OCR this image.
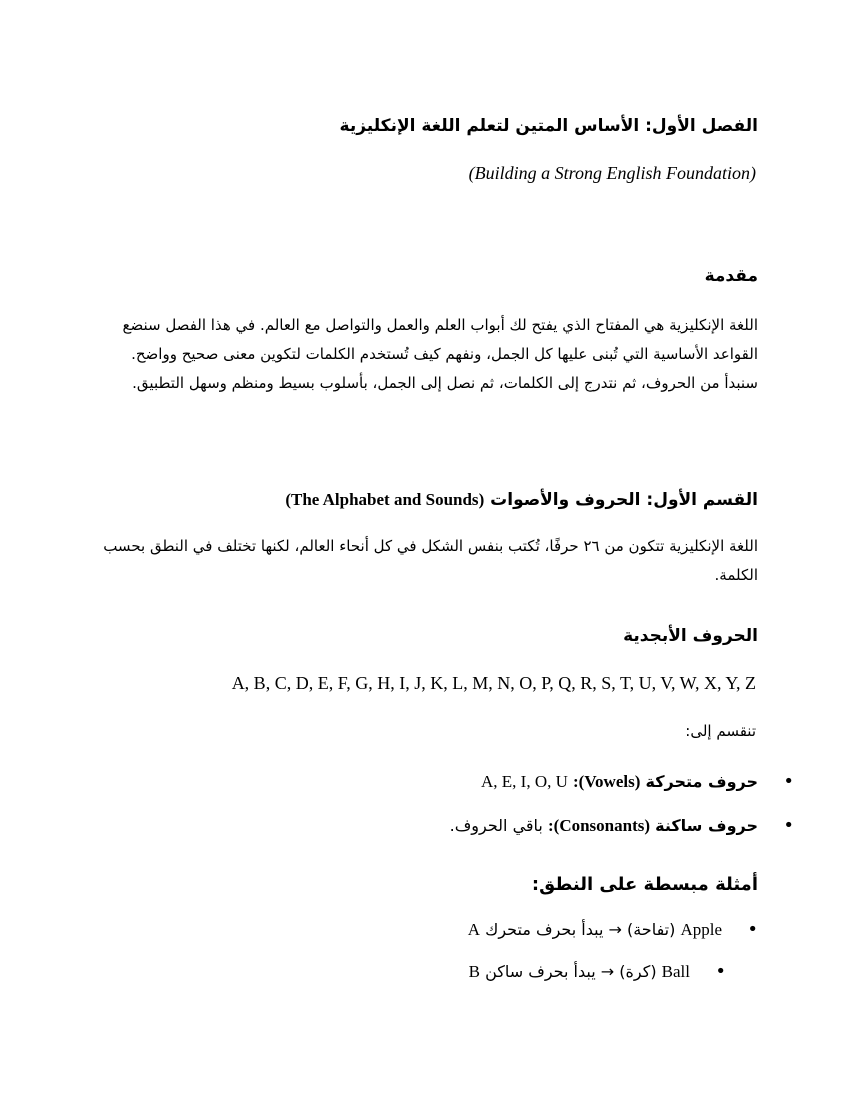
الفصل الأول: الأساس المتين لتعلم اللغة الإنكليزية
(Building a Strong English Foundation)
مقدمة
اللغة الإنكليزية هي المفتاح الذي يفتح لك أبواب العلم والعمل والتواصل مع العالم. في هذا الفصل سنضع
القواعد الأساسية التي تُبنى عليها كل الجمل، ونفهم كيف تُستخدم الكلمات لتكوين معنى صحيح وواضح.
سنبدأ من الحروف، ثم نتدرج إلى الكلمات، ثم نصل إلى الجمل، بأسلوب بسيط ومنظم وسهل التطبيق.
القسم الأول: الحروف والأصوات (The Alphabet and Sounds)
اللغة الإنكليزية تتكون من ٢٦ حرفًا، تُكتب بنفس الشكل في كل أنحاء العالم، لكنها تختلف في النطق بحسب
الكلمة.
الحروف الأبجدية
A, B, C, D, E, F, G, H, I, J, K, L, M, N, O, P, Q, R, S, T, U, V, W, X, Y, Z
تنقسم إلى:
• حروف متحركة (Vowels): A, E, I, O, U
• حروف ساكنة (Consonants): باقي الحروف.
أمثلة مبسطة على النطق:
• Apple (تفاحة) → يبدأ بحرف متحرك A
• Ball (كرة) → يبدأ بحرف ساكن B
